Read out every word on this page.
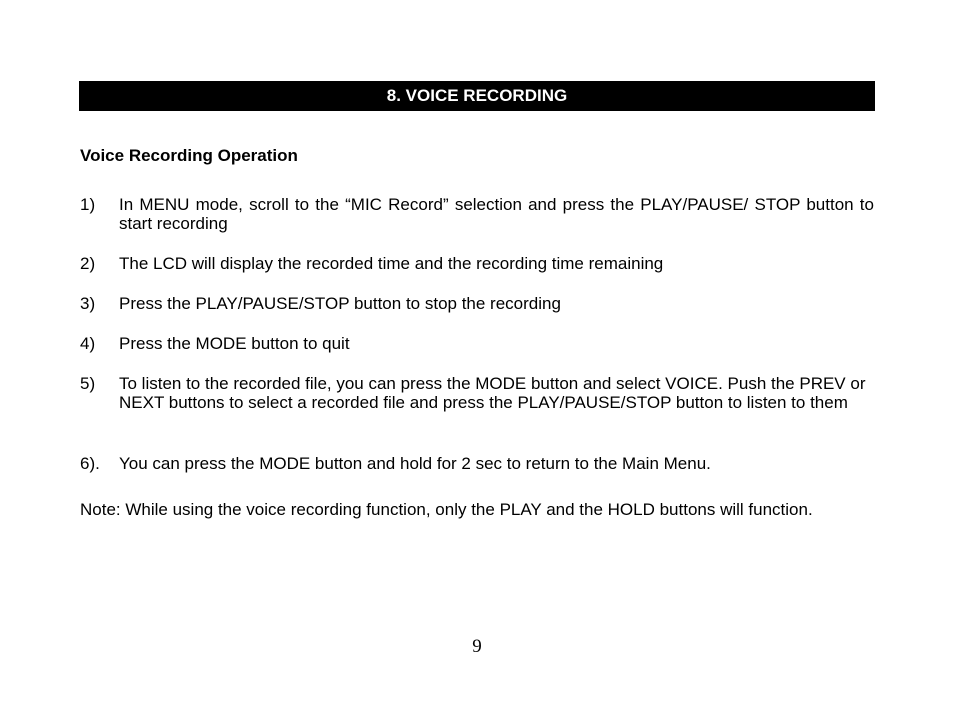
8. VOICE RECORDING
Voice Recording Operation
1) In MENU mode, scroll to the “MIC Record” selection and press the PLAY/PAUSE/ STOP button to start recording
2) The LCD will display the recorded time and the recording time remaining
3) Press the PLAY/PAUSE/STOP button to stop the recording
4) Press the MODE button to quit
5) To listen to the recorded file, you can press the MODE button and select VOICE. Push the PREV or NEXT buttons to select a recorded file and press the PLAY/PAUSE/STOP button to listen to them
6). You can press the MODE button and hold for 2 sec to return to the Main Menu.
Note: While using the voice recording function, only the PLAY and the HOLD buttons will function.
9
